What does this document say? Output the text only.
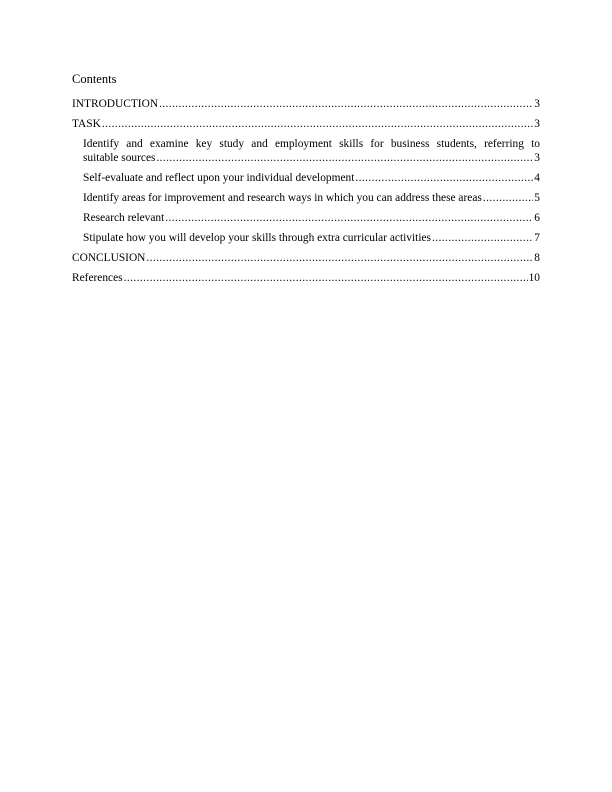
Contents
INTRODUCTION .....	3
TASK .....	3
Identify and examine key study and employment skills for business students, referring to
suitable sources .....	3
Self-evaluate and reflect upon your individual development .....	4
Identify areas for improvement and research ways in which you can address these areas .....	5
Research relevant .....	6
Stipulate how you will develop your skills through extra curricular activities .....	7
CONCLUSION .....	8
References .....	10
